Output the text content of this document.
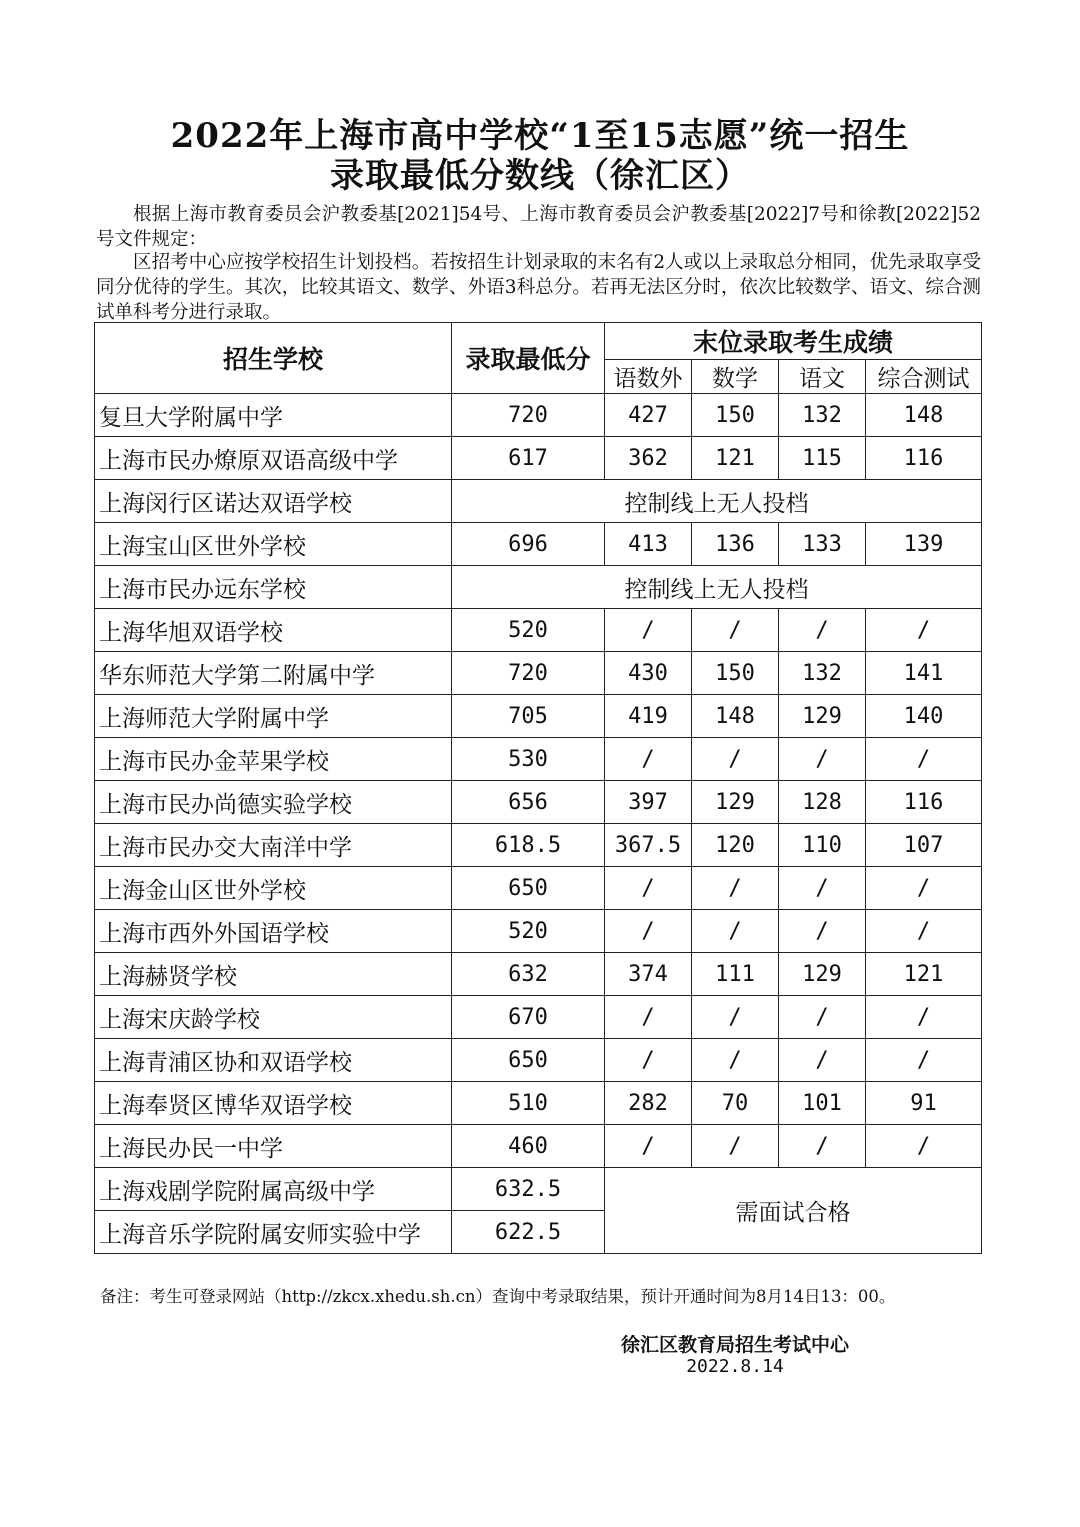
2022年上海市高中学校“1至15志愿”统一招生
录取最低分数线（徐汇区）
根据上海市教育委员会沪教委基[2021]54号、上海市教育委员会沪教委基[2022]7号和徐教[2022]52号文件规定：
区招考中心应按学校招生计划投档。若按招生计划录取的末名有2人或以上录取总分相同，优先录取享受同分优待的学生。其次，比较其语文、数学、外语3科总分。若再无法区分时，依次比较数学、语文、综合测试单科考分进行录取。
招生学校	录取最低分	末位录取考生成绩			
		语数外	数学	语文	综合测试
复旦大学附属中学	720	427	150	132	148
上海市民办燎原双语高级中学	617	362	121	115	116
上海闵行区诺达双语学校	控制线上无人投档				
上海宝山区世外学校	696	413	136	133	139
上海市民办远东学校	控制线上无人投档				
上海华旭双语学校	520	/	/	/	/
华东师范大学第二附属中学	720	430	150	132	141
上海师范大学附属中学	705	419	148	129	140
上海市民办金苹果学校	530	/	/	/	/
上海市民办尚德实验学校	656	397	129	128	116
上海市民办交大南洋中学	618.5	367.5	120	110	107
上海金山区世外学校	650	/	/	/	/
上海市西外外国语学校	520	/	/	/	/
上海赫贤学校	632	374	111	129	121
上海宋庆龄学校	670	/	/	/	/
上海青浦区协和双语学校	650	/	/	/	/
上海奉贤区博华双语学校	510	282	70	101	91
上海民办民一中学	460	/	/	/	/
上海戏剧学院附属高级中学	632.5	需面试合格			
上海音乐学院附属安师实验中学	622.5				
备注：考生可登录网站（http://zkcx.xhedu.sh.cn）查询中考录取结果，预计开通时间为8月14日13：00。
徐汇区教育局招生考试中心
2022.8.14
